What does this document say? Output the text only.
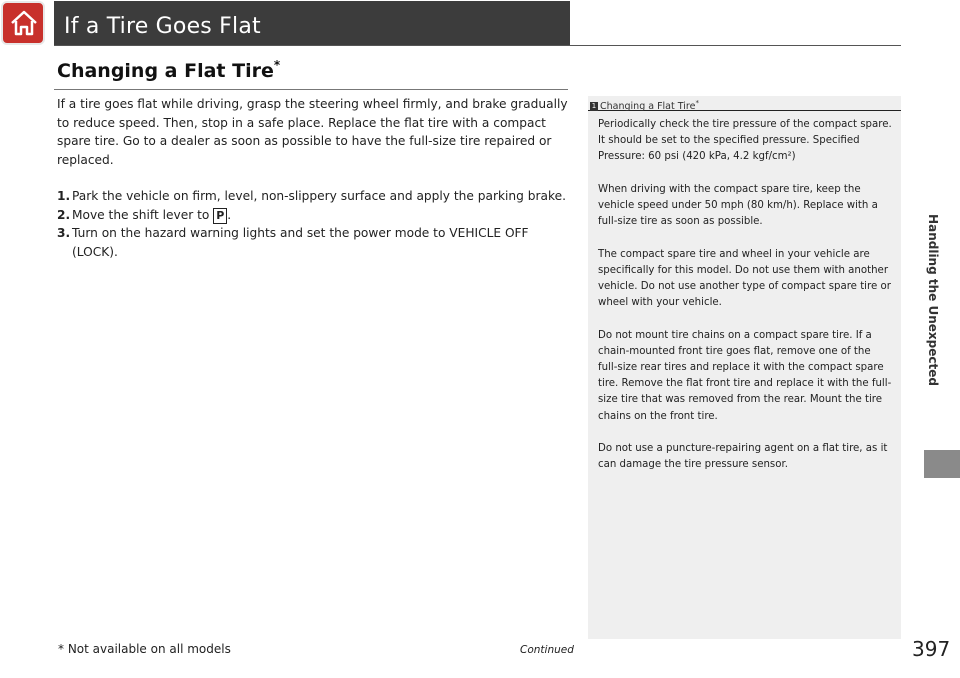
If a Tire Goes Flat
Changing a Flat Tire*

If a tire goes flat while driving, grasp the steering wheel firmly, and brake gradually to reduce speed. Then, stop in a safe place. Replace the flat tire with a compact spare tire. Go to a dealer as soon as possible to have the full-size tire repaired or replaced.

1. Park the vehicle on firm, level, non-slippery surface and apply the parking brake.
2. Move the shift lever to P .
3. Turn on the hazard warning lights and set the power mode to VEHICLE OFF (LOCK).
1 Changing a Flat Tire*

Periodically check the tire pressure of the compact spare. It should be set to the specified pressure. Specified Pressure: 60 psi (420 kPa, 4.2 kgf/cm²)

When driving with the compact spare tire, keep the vehicle speed under 50 mph (80 km/h). Replace with a full-size tire as soon as possible.

The compact spare tire and wheel in your vehicle are specifically for this model. Do not use them with another vehicle. Do not use another type of compact spare tire or wheel with your vehicle.

Do not mount tire chains on a compact spare tire. If a chain-mounted front tire goes flat, remove one of the full-size rear tires and replace it with the compact spare tire. Remove the flat front tire and replace it with the full-size tire that was removed from the rear. Mount the tire chains on the front tire.

Do not use a puncture-repairing agent on a flat tire, as it can damage the tire pressure sensor.

Handling the Unexpected
* Not available on all models	Continued	397
